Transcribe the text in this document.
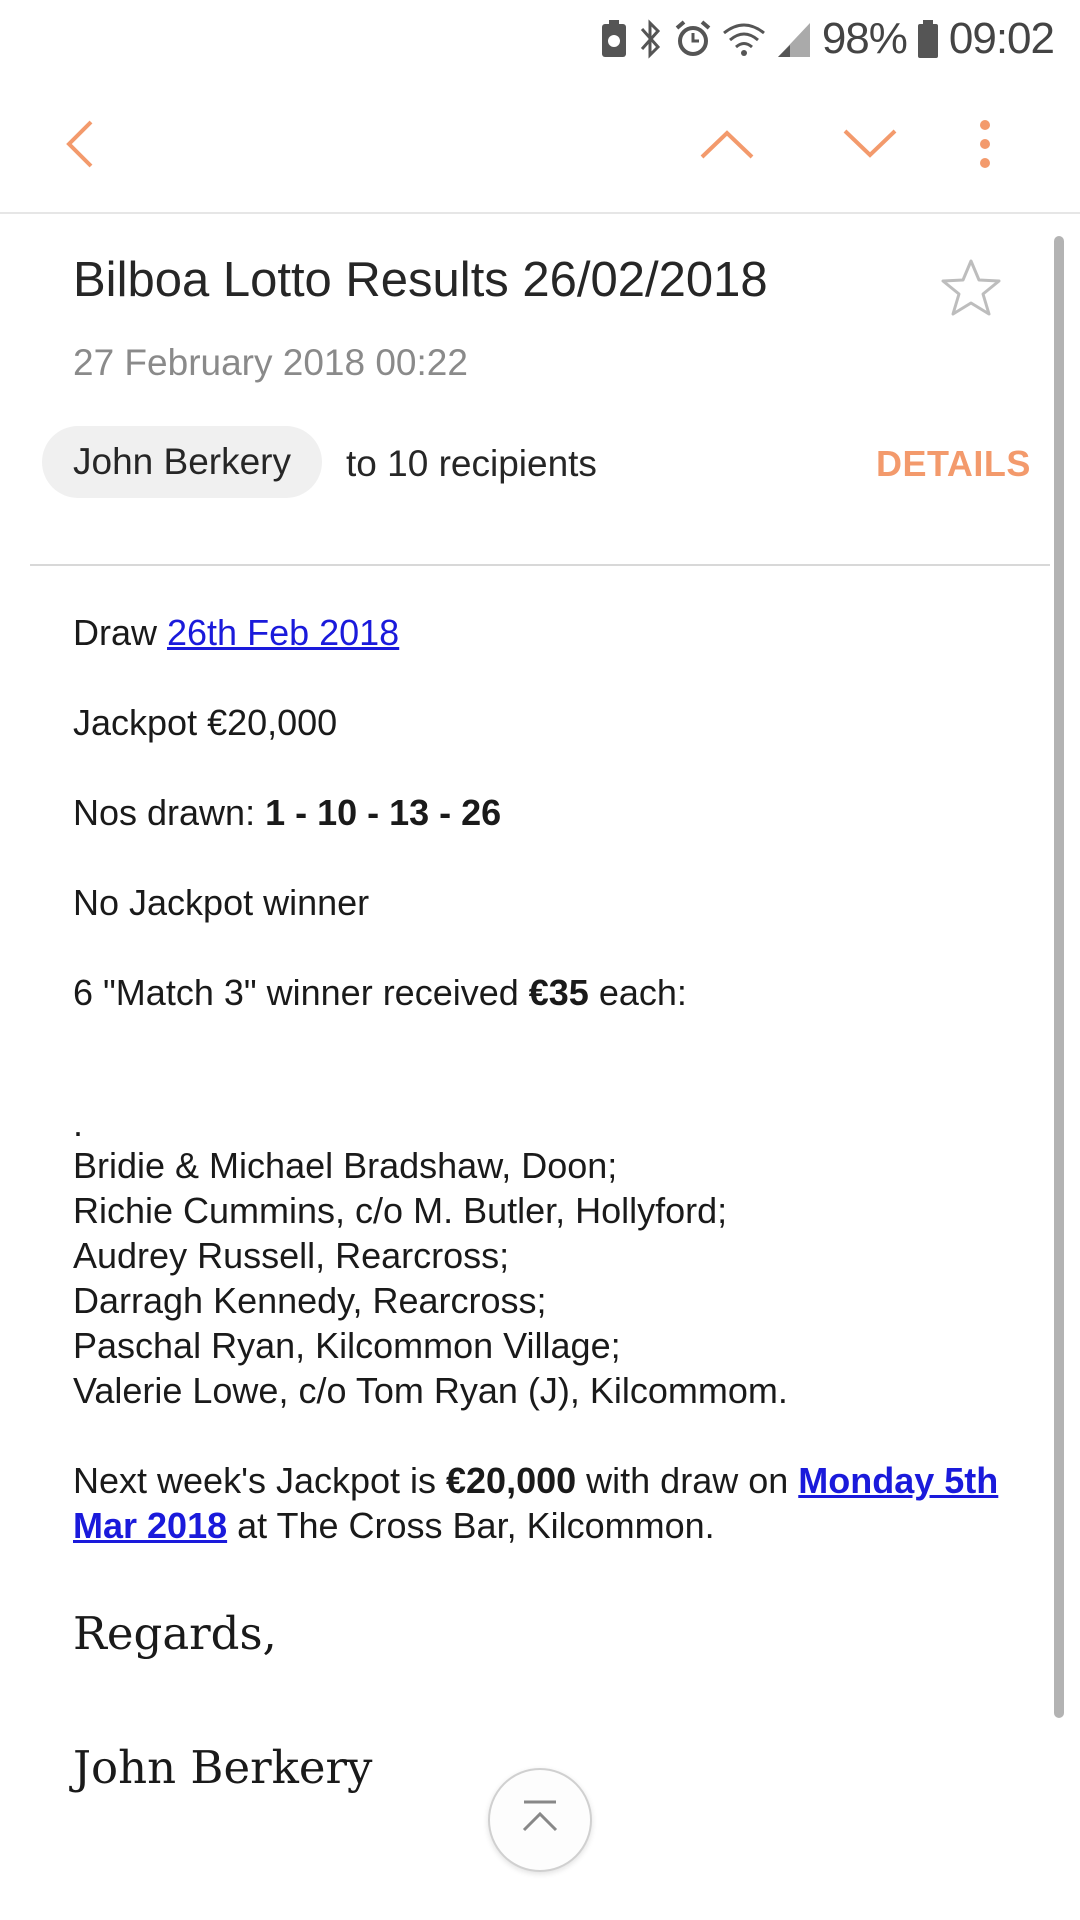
98% 09:02
Bilboa Lotto Results 26/02/2018
27 February 2018 00:22
John Berkery	to 10 recipients	DETAILS

Draw 26th Feb 2018

Jackpot €20,000

Nos drawn: 1 - 10 - 13 - 26

No Jackpot winner

6 "Match 3" winner received €35 each:

.

Bridie & Michael Bradshaw, Doon;

Richie Cummins, c/o M. Butler, Hollyford;

Audrey Russell, Rearcross;

Darragh Kennedy, Rearcross;

Paschal Ryan, Kilcommon Village;

Valerie Lowe, c/o Tom Ryan (J), Kilcommom.

Next week's Jackpot is €20,000 with draw on Monday 5th Mar 2018 at The Cross Bar, Kilcommon.

Regards,

John Berkery
